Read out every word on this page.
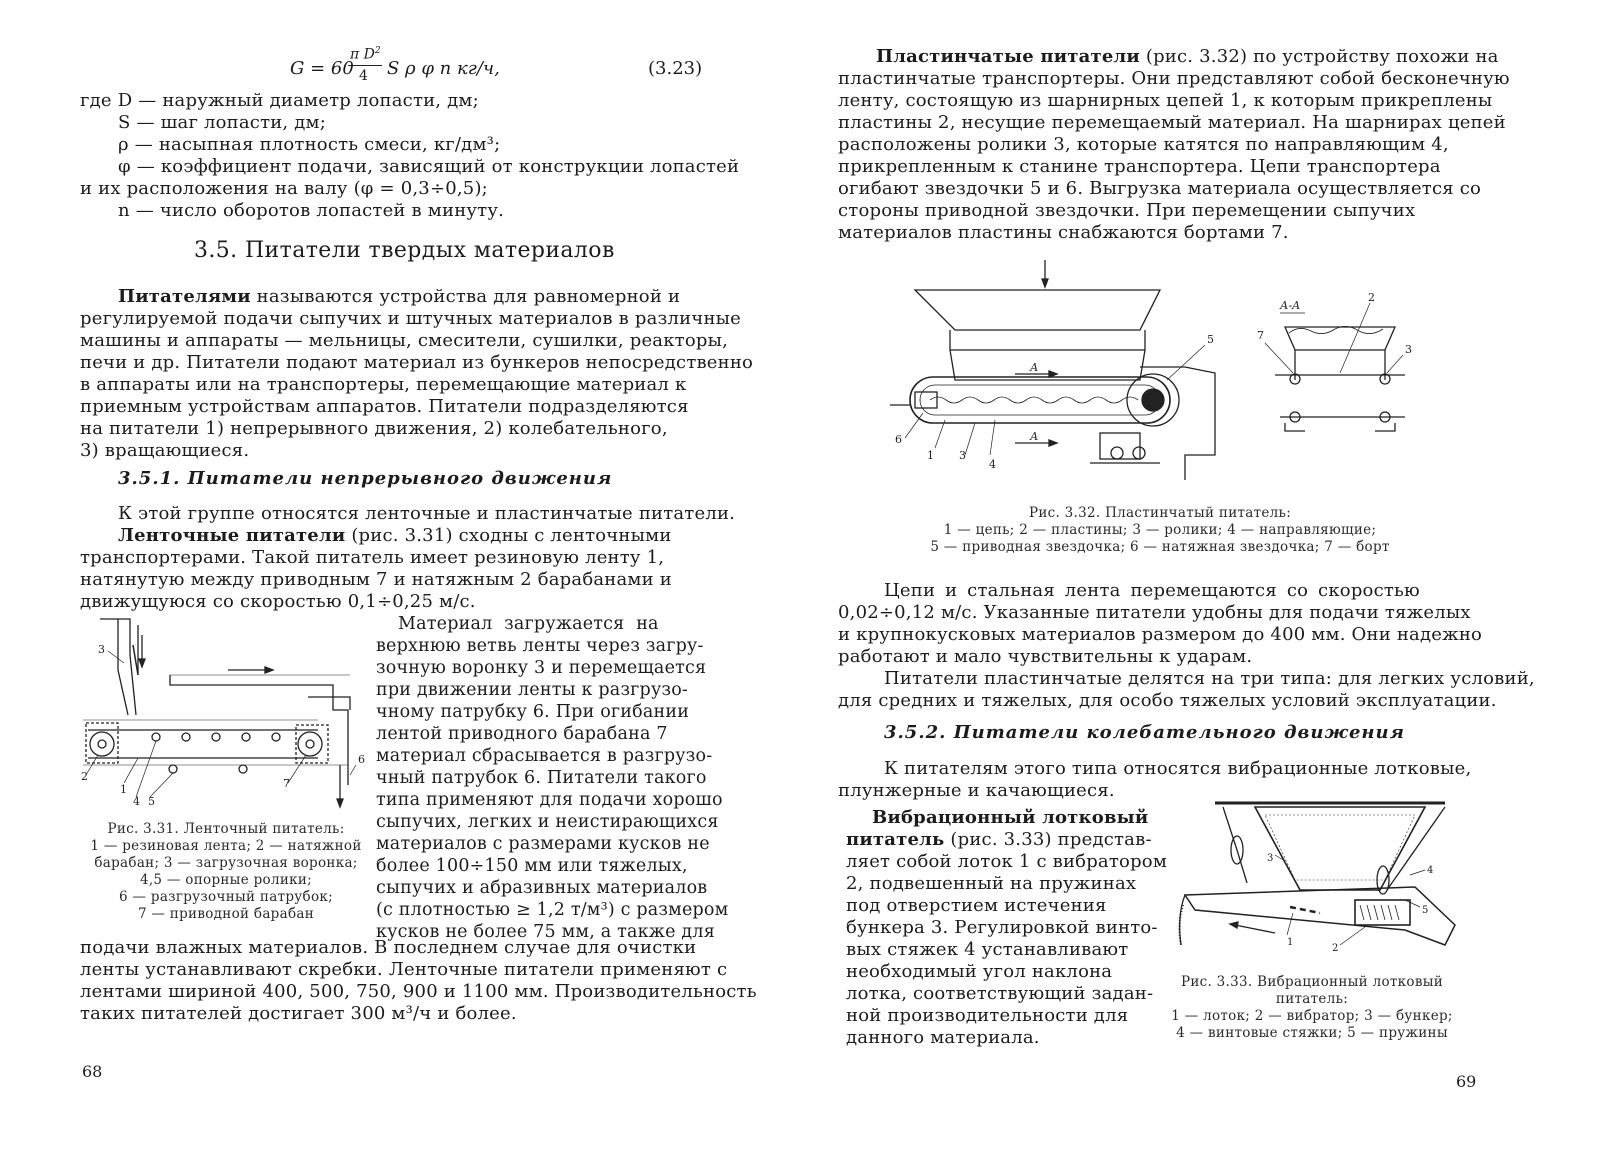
G = 60
π $D^2$
4 S ρ φ n кг/ч,	(3.23)
где D — наружный диаметр лопасти, дм;
S — шаг лопасти, дм;
ρ — насыпная плотность смеси, кг/дм³;
φ — коэффициент подачи, зависящий от конструкции лопастей
и их расположения на валу (φ = 0,3÷0,5);
n — число оборотов лопастей в минуту.
3.5. Питатели твердых материалов
Питателями называются устройства для равномерной и
регулируемой подачи сыпучих и штучных материалов в различные
машины и аппараты — мельницы, смесители, сушилки, реакторы,
печи и др. Питатели подают материал из бункеров непосредственно
в аппараты или на транспортеры, перемещающие материал к
приемным устройствам аппаратов. Питатели подразделяются
на питатели 1) непрерывного движения, 2) колебательного,
3) вращающиеся.
3.5.1. Питатели непрерывного движения
К этой группе относятся ленточные и пластинчатые питатели.
Ленточные питатели (рис. 3.31) сходны с ленточными
транспортерами. Такой питатель имеет резиновую ленту 1,
натянутую между приводным 7 и натяжным 2 барабанами и
движущуюся со скоростью 0,1÷0,25 м/с.
Материал загружается на
верхнюю ветвь ленты через загру-
зочную воронку 3 и перемещается
при движении ленты к разгрузо-
чному патрубку 6. При огибании
лентой приводного барабана 7
материал сбрасывается в разгрузо-
чный патрубок 6. Питатели такого
типа применяют для подачи хорошо
сыпучих, легких и неистирающихся
материалов с размерами кусков не
более 100÷150 мм или тяжелых,
сыпучих и абразивных материалов
(с плотностью ≥ 1,2 т/м³) с размером
кусков не более 75 мм, а также для
3
2
1
4 5
7
6
Рис. 3.31. Ленточный питатель:
1 — резиновая лента; 2 — натяжной
барабан; 3 — загрузочная воронка;
4,5 — опорные ролики;
6 — разгрузочный патрубок;
7 — приводной барабан
подачи влажных материалов. В последнем случае для очистки
ленты устанавливают скребки. Ленточные питатели применяют с
лентами шириной 400, 500, 750, 900 и 1100 мм. Производительность
таких питателей достигает 300 м³/ч и более.
68
Пластинчатые питатели (рис. 3.32) по устройству похожи на
пластинчатые транспортеры. Они представляют собой бесконечную
ленту, состоящую из шарнирных цепей 1, к которым прикреплены
пластины 2, несущие перемещаемый материал. На шарнирах цепей
расположены ролики 3, которые катятся по направляющим 4,
прикрепленным к станине транспортера. Цепи транспортера
огибают звездочки 5 и 6. Выгрузка материала осуществляется со
стороны приводной звездочки. При перемещении сыпучих
материалов пластины снабжаются бортами 7.
А
А
5
6
1 3
4
А-А
2
7
3
Рис. 3.32. Пластинчатый питатель:
1 — цепь; 2 — пластины; 3 — ролики; 4 — направляющие;
5 — приводная звездочка; 6 — натяжная звездочка; 7 — борт
Цепи и стальная лента перемещаются со скоростью
0,02÷0,12 м/с. Указанные питатели удобны для подачи тяжелых
и крупнокусковых материалов размером до 400 мм. Они надежно
работают и мало чувствительны к ударам.
Питатели пластинчатые делятся на три типа: для легких условий,
для средних и тяжелых, для особо тяжелых условий эксплуатации.
3.5.2. Питатели колебательного движения
К питателям этого типа относятся вибрационные лотковые,
плунжерные и качающиеся.
Вибрационный лотковый
питатель (рис. 3.33) представ-
ляет собой лоток 1 с вибратором
2, подвешенный на пружинах
под отверстием истечения
бункера 3. Регулировкой винто-
вых стяжек 4 устанавливают
необходимый угол наклона
лотка, соответствующий задан-
ной производительности для
данного материала.
3
4
5
1
2
Рис. 3.33. Вибрационный лотковый
питатель:
1 — лоток; 2 — вибратор; 3 — бункер;
4 — винтовые стяжки; 5 — пружины
69
